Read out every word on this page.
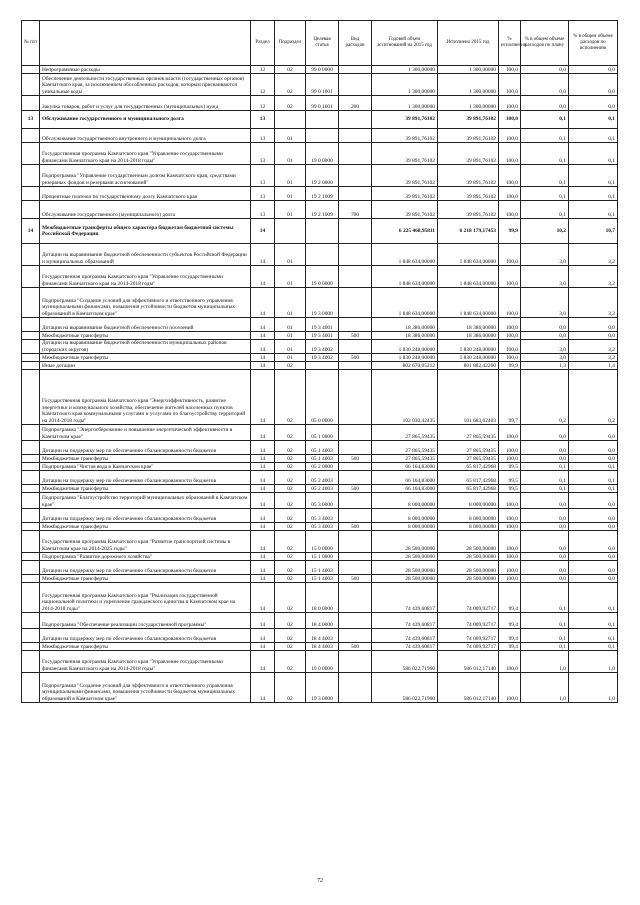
№ п/п		Раздел	Подраздел	Целевая статья	Вид расходов	Годовой объем ассигнований на 2015 год	Исполнено 2015 год	% исполнения	% в общем объеме расходов по плану	% в общем объеме расходов по исполнению
	Непрограммные расходы	12	02	99 0 0000		1 300,00000	1 300,00000	100,0	0,0	0,0
	Обеспечение деятельности государственных органов власти (государственных органов) Камчатского края, за исключением обособленных расходов, которым присваиваются уникальные коды	12	02	99 0 1001		1 300,00000	1 300,00000	100,0	0,0	0,0
	Закупка товаров, работ и услуг для государственных (муниципальных) нужд	12	02	99 0 1001	200	1 300,00000	1 300,00000	100,0	0,0	0,0
13	Обслуживание государственного и муниципального долга	13				39 891,76102	39 891,76102	100,0	0,1	0,1
	Обслуживание государственного внутреннего и муниципального долга	13	01			39 891,76102	39 891,76102	100,0	0,1	0,1
	Государственная программа Камчатского края "Управление государственными финансами Камчатского края на 2014-2018 годы"	13	01	19 0 0000		39 891,76102	39 891,76102	100,0	0,1	0,1
	Подпрограмма "Управление государственным долгом Камчатского края, средствами резервных фондов и резервами ассигнований"	13	01	19 2 0000		39 891,76102	39 891,76102	100,0	0,1	0,1
	Процентные платежи по государственному долгу Камчатского края	13	01	19 2 1009		39 891,76102	39 891,76102	100,0	0,1	0,1
	Обслуживание государственного (муниципального) долга	13	01	19 2 1009	700	39 891,76102	39 891,76102	100,0	0,1	0,1
14	Межбюджетные трансферты общего характера бюджетам бюджетной системы Российской Федерации	14				6 225 468,95811	6 218 179,17453	99,9	10,2	10,7
	Дотации на выравнивание бюджетной обеспеченности субъектов Российской Федерации и муниципальных образований	14	01			1 848 634,00000	1 848 634,00000	100,0	3,0	3,2
	Государственная программа Камчатского края "Управление государственными финансами Камчатского края на 2014-2018 годы"	14	01	19 0 0000		1 848 634,00000	1 848 634,00000	100,0	3,0	3,2
	Подпрограмма "Создание условий для эффективного и ответственного управления муниципальными финансами, повышения устойчивости бюджетов муниципальных образований в Камчатском крае"	14	01	19 3 0000		1 848 634,00000	1 848 634,00000	100,0	3,0	3,2
	Дотации на выравнивание бюджетной обеспеченности поселений	14	01	19 3 4001		18 386,00000	18 386,00000	100,0	0,0	0,0
	Межбюджетные трансферты	14	01	19 3 4001	500	18 386,00000	18 386,00000	100,0	0,0	0,0
	Дотации на выравнивание бюджетной обеспеченности муниципальных районов (городских округов)	14	01	19 3 4002		1 830 248,00000	1 830 248,00000	100,0	3,0	3,2
	Межбюджетные трансферты	14	01	19 3 4002	500	1 830 248,00000	1 830 248,00000	100,0	3,0	3,2
	Иные дотации	14	02			802 670,05212	801 882,42260	99,9	1,3	1,4
	Государственная программа Камчатского края "Энергоэффективность, развитие энергетики и коммунального хозяйства, обеспечение жителей населенных пунктов Камчатского края коммунальными услугами и услугами по благоустройству территорий на 2014-2018 годы"	14	02	05 0 0000		102 030,42435	101 683,02403	99,7	0,2	0,2
	Подпрограмма "Энергосбережение и повышение энергетической эффективности в Камчатском крае"	14	02	05 1 0000		27 865,59435	27 865,59435	100,0	0,0	0,0
	Дотации на поддержку мер по обеспечению сбалансированности бюджетов	14	02	05 1 4003		27 865,59435	27 865,59435	100,0	0,0	0,0
	Межбюджетные трансферты	14	02	05 1 4003	500	27 865,59435	27 865,59435	100,0	0,0	0,0
	Подпрограмма "Чистая вода в Камчатском крае"	14	02	05 2 0000		66 164,83000	65 817,42968	99,5	0,1	0,1
	Дотации на поддержку мер по обеспечению сбалансированности бюджетов	14	02	05 2 4003		66 164,83000	65 817,42968	99,5	0,1	0,1
	Межбюджетные трансферты	14	02	05 2 4003	500	66 164,83000	65 817,42968	99,5	0,1	0,1
	Подпрограмма "Благоустройство территорий муниципальных образований в Камчатском крае"	14	02	05 3 0000		8 000,00000	8 000,00000	100,0	0,0	0,0
	Дотации на поддержку мер по обеспечению сбалансированности бюджетов	14	02	05 3 4003		8 000,00000	8 000,00000	100,0	0,0	0,0
	Межбюджетные трансферты	14	02	05 3 4003	500	8 000,00000	8 000,00000	100,0	0,0	0,0
	Государственная программа Камчатского края "Развитие транспортной системы в Камчатском крае на 2014-2025 годы"	14	02	15 0 0000		28 500,00000	28 500,00000	100,0	0,0	0,0
	Подпрограмма "Развитие дорожного хозяйства"	14	02	15 1 0000		28 500,00000	28 500,00000	100,0	0,0	0,0
	Дотации на поддержку мер по обеспечению сбалансированности бюджетов	14	02	15 1 4003		28 500,00000	28 500,00000	100,0	0,0	0,0
	Межбюджетные трансферты	14	02	15 1 4003	500	28 500,00000	28 500,00000	100,0	0,0	0,0
	Государственная программа Камчатского края "Реализация государственной национальной политики и укрепление гражданского единства в Камчатском крае на 2014-2018 годы"	14	02	18 0 0000		74 439,60817	74 009,92717	99,4	0,1	0,1
	Подпрограмма "Обеспечение реализации государственной программы"	14	02	18 4 0000		74 439,60817	74 009,92717	99,4	0,1	0,1
	Дотации на поддержку мер по обеспечению сбалансированности бюджетов	14	02	18 4 4003		74 439,60817	74 009,92717	99,4	0,1	0,1
	Межбюджетные трансферты	14	02	18 4 4003	500	74 439,60817	74 009,92717	99,4	0,1	0,1
	Государственная программа Камчатского края "Управление государственными финансами Камчатского края на 2014-2018 годы"	14	02	19 0 0000		586 022,71960	586 012,17140	100,0	1,0	1,0
	Подпрограмма "Создание условий для эффективного и ответственного управления муниципальными финансами, повышения устойчивости бюджетов муниципальных образований в Камчатском крае"	14	02	19 3 0000		586 022,71960	586 012,17140	100,0	1,0	1,0
72
